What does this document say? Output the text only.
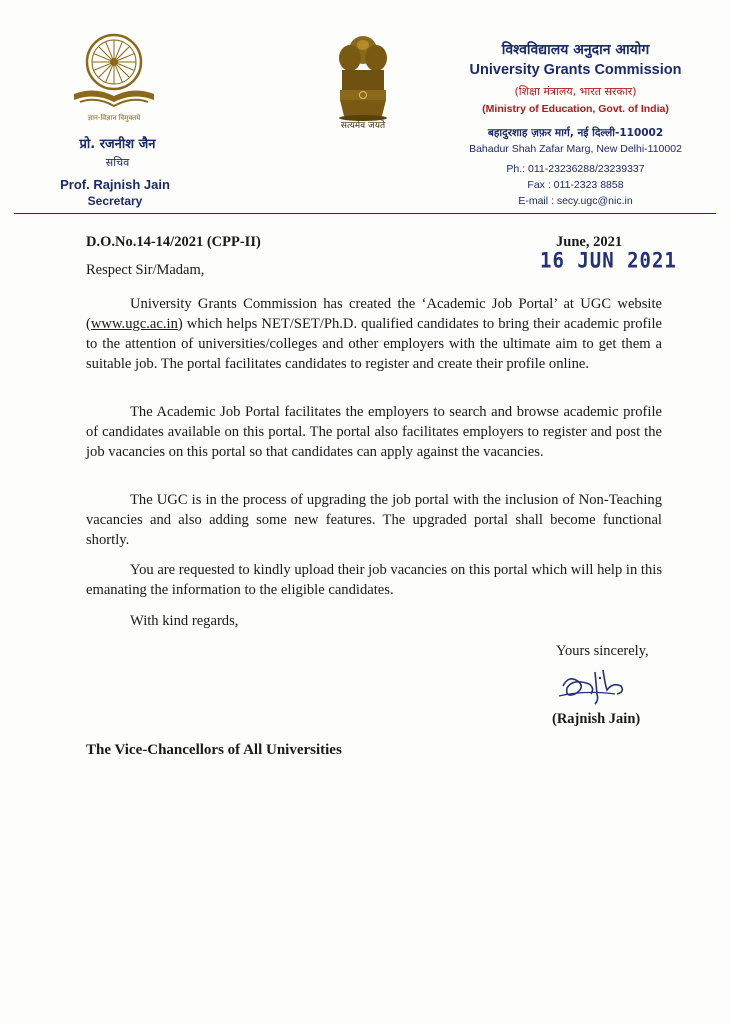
ज्ञान-विज्ञान विमुक्तये
प्रो. रजनीश जैन
सचिव
Prof. Rajnish Jain
Secretary
सत्यमेव जयते
विश्वविद्यालय अनुदान आयोग
University Grants Commission
(शिक्षा मंत्रालय, भारत सरकार)
(Ministry of Education, Govt. of India)
बहादुरशाह ज़फ़र मार्ग, नई दिल्ली-110002
Bahadur Shah Zafar Marg, New Delhi-110002
Ph.: 011-23236288/23239337
Fax : 011-2323 8858
E-mail : secy.ugc@nic.in
D.O.No.14-14/2021 (CPP-II)	June, 2021
16 JUN 2021
Respect Sir/Madam,

University Grants Commission has created the ‘Academic Job Portal’ at UGC website (www.ugc.ac.in) which helps NET/SET/Ph.D. qualified candidates to bring their academic profile to the attention of universities/colleges and other employers with the ultimate aim to get them a suitable job. The portal facilitates candidates to register and create their profile online.

The Academic Job Portal facilitates the employers to search and browse academic profile of candidates available on this portal. The portal also facilitates employers to register and post the job vacancies on this portal so that candidates can apply against the vacancies.

The UGC is in the process of upgrading the job portal with the inclusion of Non-Teaching vacancies and also adding some new features. The upgraded portal shall become functional shortly.

You are requested to kindly upload their job vacancies on this portal which will help in this emanating the information to the eligible candidates.

With kind regards,

Yours sincerely,
(Rajnish Jain)
The Vice-Chancellors of All Universities
